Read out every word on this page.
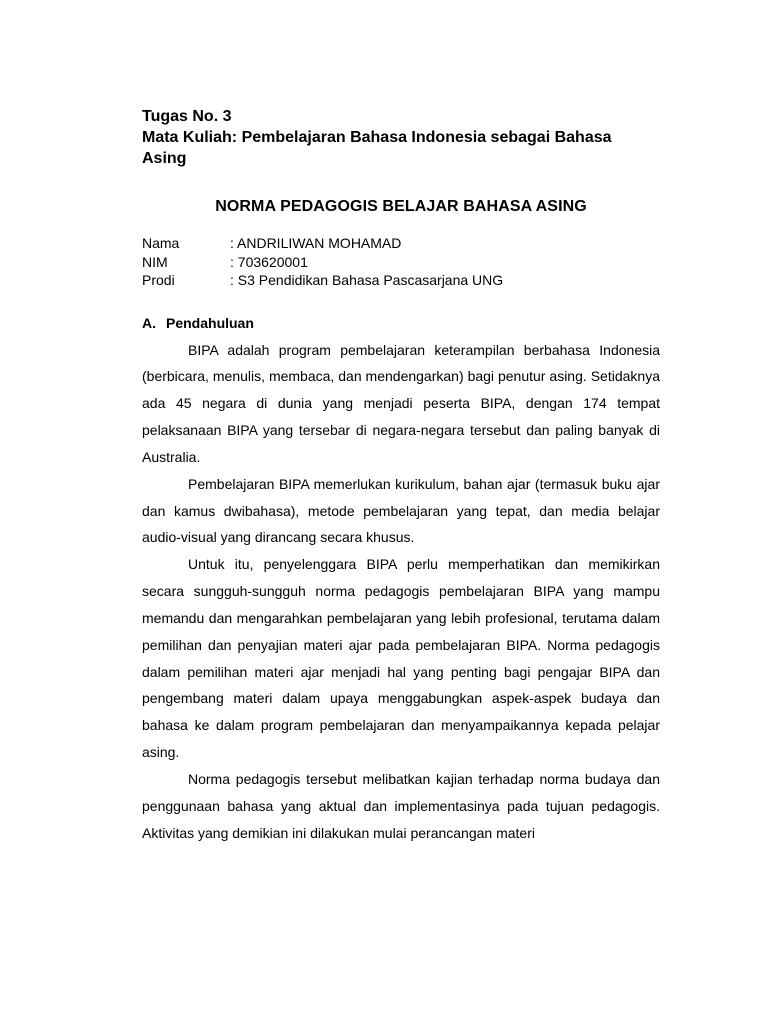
Tugas No. 3

Mata Kuliah: Pembelajaran Bahasa Indonesia sebagai Bahasa

Asing

NORMA PEDAGOGIS BELAJAR BAHASA ASING
Nama	: ANDRILIWAN MOHAMAD
NIM	: 703620001
Prodi	: S3 Pendidikan Bahasa Pascasarjana UNG
A. Pendahuluan

BIPA adalah program pembelajaran keterampilan berbahasa Indonesia (berbicara, menulis, membaca, dan mendengarkan) bagi penutur asing. Setidaknya ada 45 negara di dunia yang menjadi peserta BIPA, dengan 174 tempat pelaksanaan BIPA yang tersebar di negara-negara tersebut dan paling banyak di Australia.

Pembelajaran BIPA memerlukan kurikulum, bahan ajar (termasuk buku ajar dan kamus dwibahasa), metode pembelajaran yang tepat, dan media belajar audio-visual yang dirancang secara khusus.

Untuk itu, penyelenggara BIPA perlu memperhatikan dan memikirkan secara sungguh-sungguh norma pedagogis pembelajaran BIPA yang mampu memandu dan mengarahkan pembelajaran yang lebih profesional, terutama dalam pemilihan dan penyajian materi ajar pada pembelajaran BIPA. Norma pedagogis dalam pemilihan materi ajar menjadi hal yang penting bagi pengajar BIPA dan pengembang materi dalam upaya menggabungkan aspek-aspek budaya dan bahasa ke dalam program pembelajaran dan menyampaikannya kepada pelajar asing.

Norma pedagogis tersebut melibatkan kajian terhadap norma budaya dan penggunaan bahasa yang aktual dan implementasinya pada tujuan pedagogis. Aktivitas yang demikian ini dilakukan mulai perancangan materi
